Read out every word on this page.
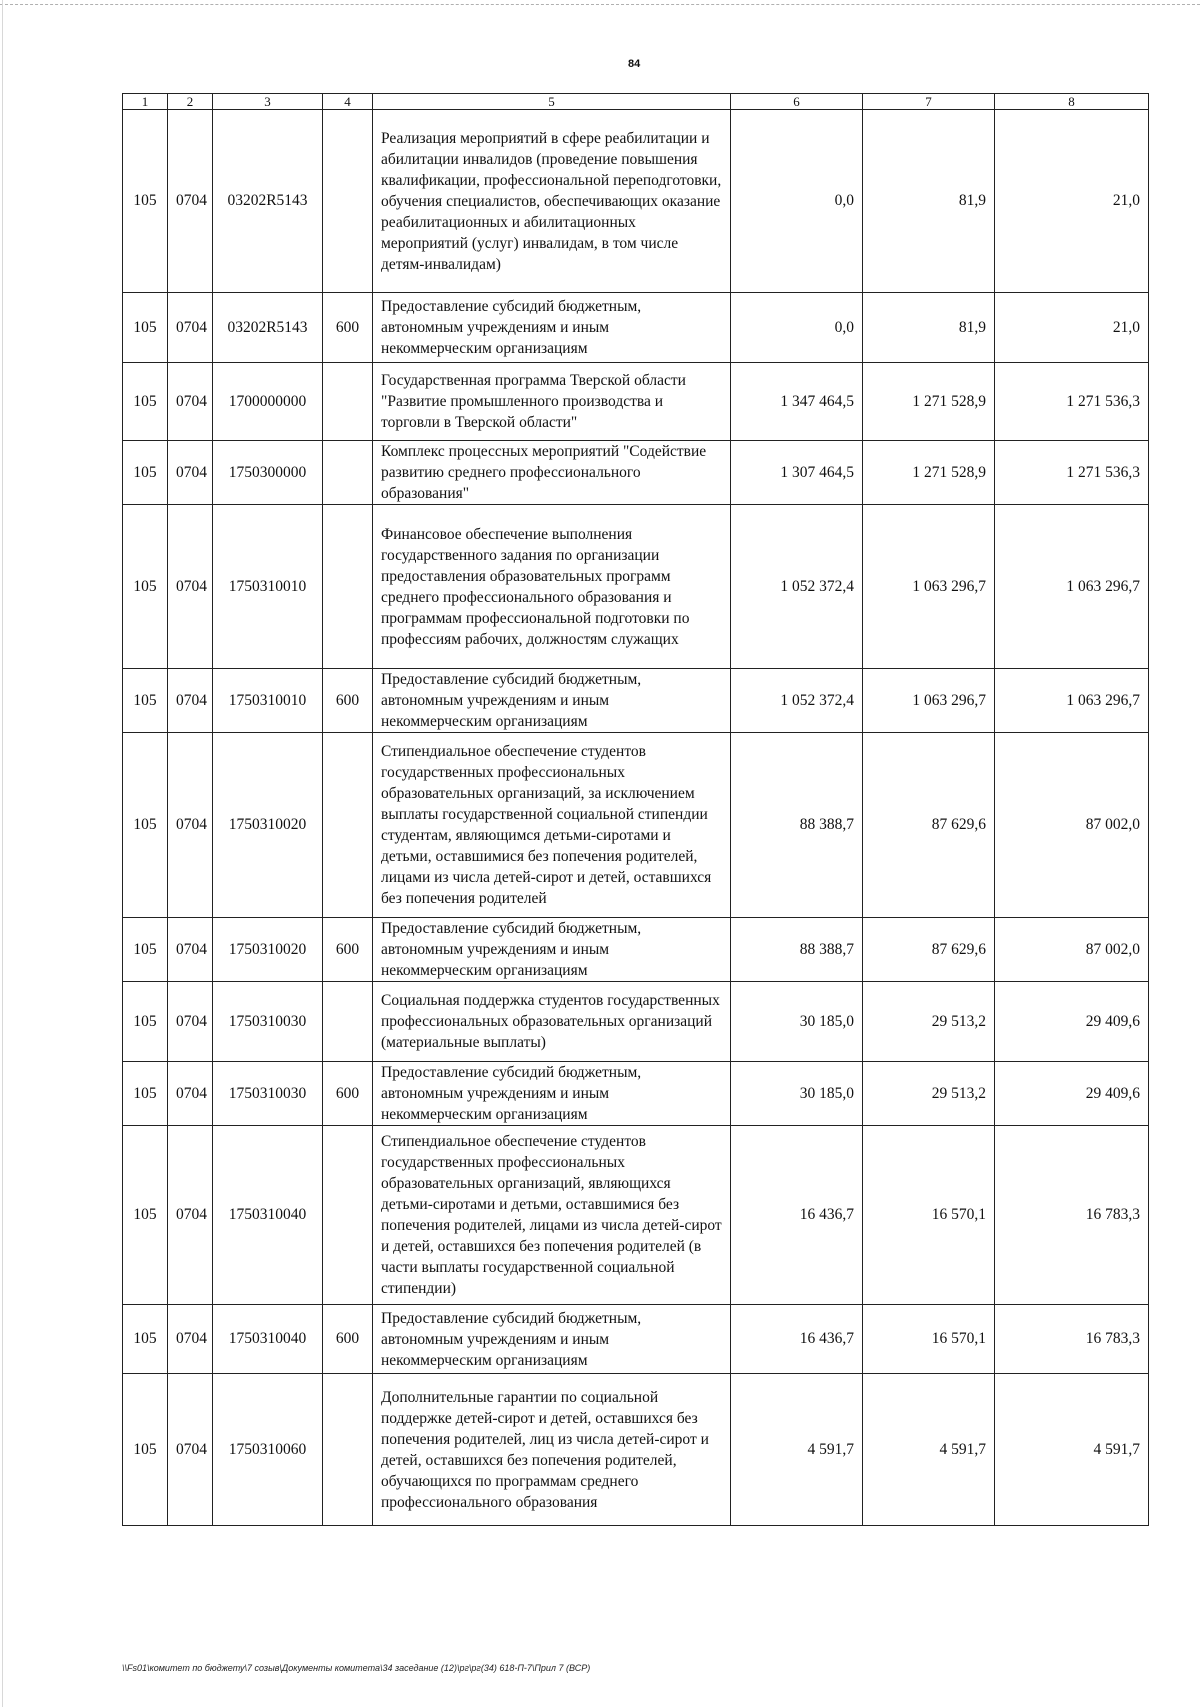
84
1	2	3	4	5	6	7	8
105	0704	03202R5143		Реализация мероприятий в сфере реабилитации и абилитации инвалидов (проведение повышения квалификации, профессиональной переподготовки, обучения специалистов, обеспечивающих оказание реабилитационных и абилитационных мероприятий (услуг) инвалидам, в том числе детям-инвалидам)	0,0	81,9	21,0
105	0704	03202R5143	600	Предоставление субсидий бюджетным, автономным учреждениям и иным некоммерческим организациям	0,0	81,9	21,0
105	0704	1700000000		Государственная программа Тверской области "Развитие промышленного производства и торговли в Тверской области"	1 347 464,5	1 271 528,9	1 271 536,3
105	0704	1750300000		Комплекс процессных мероприятий "Содействие развитию среднего профессионального образования"	1 307 464,5	1 271 528,9	1 271 536,3
105	0704	1750310010		Финансовое обеспечение выполнения государственного задания по организации предоставления образовательных программ среднего профессионального образования и программам профессиональной подготовки по профессиям рабочих, должностям служащих	1 052 372,4	1 063 296,7	1 063 296,7
105	0704	1750310010	600	Предоставление субсидий бюджетным, автономным учреждениям и иным некоммерческим организациям	1 052 372,4	1 063 296,7	1 063 296,7
105	0704	1750310020		Стипендиальное обеспечение студентов государственных профессиональных образовательных организаций, за исключением выплаты государственной социальной стипендии студентам, являющимся детьми-сиротами и детьми, оставшимися без попечения родителей, лицами из числа детей-сирот и детей, оставшихся без попечения родителей	88 388,7	87 629,6	87 002,0
105	0704	1750310020	600	Предоставление субсидий бюджетным, автономным учреждениям и иным некоммерческим организациям	88 388,7	87 629,6	87 002,0
105	0704	1750310030		Социальная поддержка студентов государственных профессиональных образовательных организаций (материальные выплаты)	30 185,0	29 513,2	29 409,6
105	0704	1750310030	600	Предоставление субсидий бюджетным, автономным учреждениям и иным некоммерческим организациям	30 185,0	29 513,2	29 409,6
105	0704	1750310040		Стипендиальное обеспечение студентов государственных профессиональных образовательных организаций, являющихся детьми-сиротами и детьми, оставшимися без попечения родителей, лицами из числа детей-сирот и детей, оставшихся без попечения родителей (в части выплаты государственной социальной стипендии)	16 436,7	16 570,1	16 783,3
105	0704	1750310040	600	Предоставление субсидий бюджетным, автономным учреждениям и иным некоммерческим организациям	16 436,7	16 570,1	16 783,3
105	0704	1750310060		Дополнительные гарантии по социальной поддержке детей-сирот и детей, оставшихся без попечения родителей, лиц из числа детей-сирот и детей, оставшихся без попечения родителей, обучающихся по программам среднего профессионального образования	4 591,7	4 591,7	4 591,7
\\Fs01\комитет по бюджету\7 созыв\Документы комитета\34 заседание (12)\рг\рг(34) 618-П-7\Прил 7 (ВСР)
